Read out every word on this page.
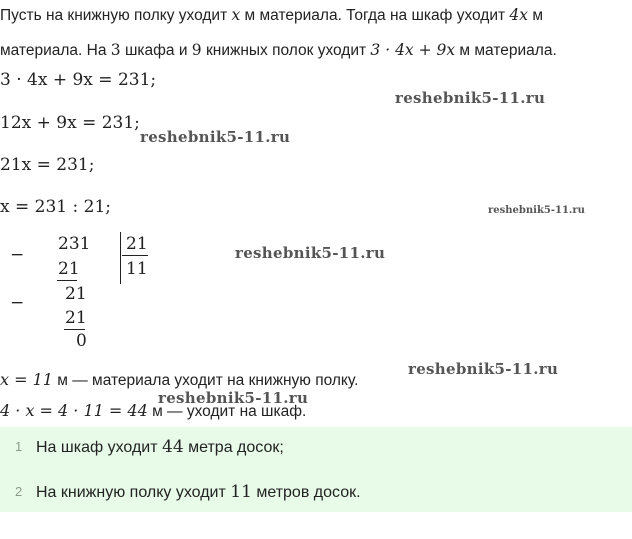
Пусть на книжную полку уходит x м материала. Тогда на шкаф уходит 4x м
материала. На 3 шкафа и 9 книжных полок уходит 3 · 4x + 9x м материала.
3 · 4x + 9x = 231;
12x + 9x = 231;
21x = 231;
x = 231 : 21;
−
231
21
21
11
− 21
21
0
x = 11 м — материала уходит на книжную полку.
4 · x = 4 · 11 = 44 м — уходит на шкаф.
reshebnik5-11.ru
reshebnik5-11.ru
reshebnik5-11.ru
reshebnik5-11.ru
reshebnik5-11.ru
reshebnik5-11.ru
1 На шкаф уходит 44 метра досок;
2 На книжную полку уходит 11 метров досок.
